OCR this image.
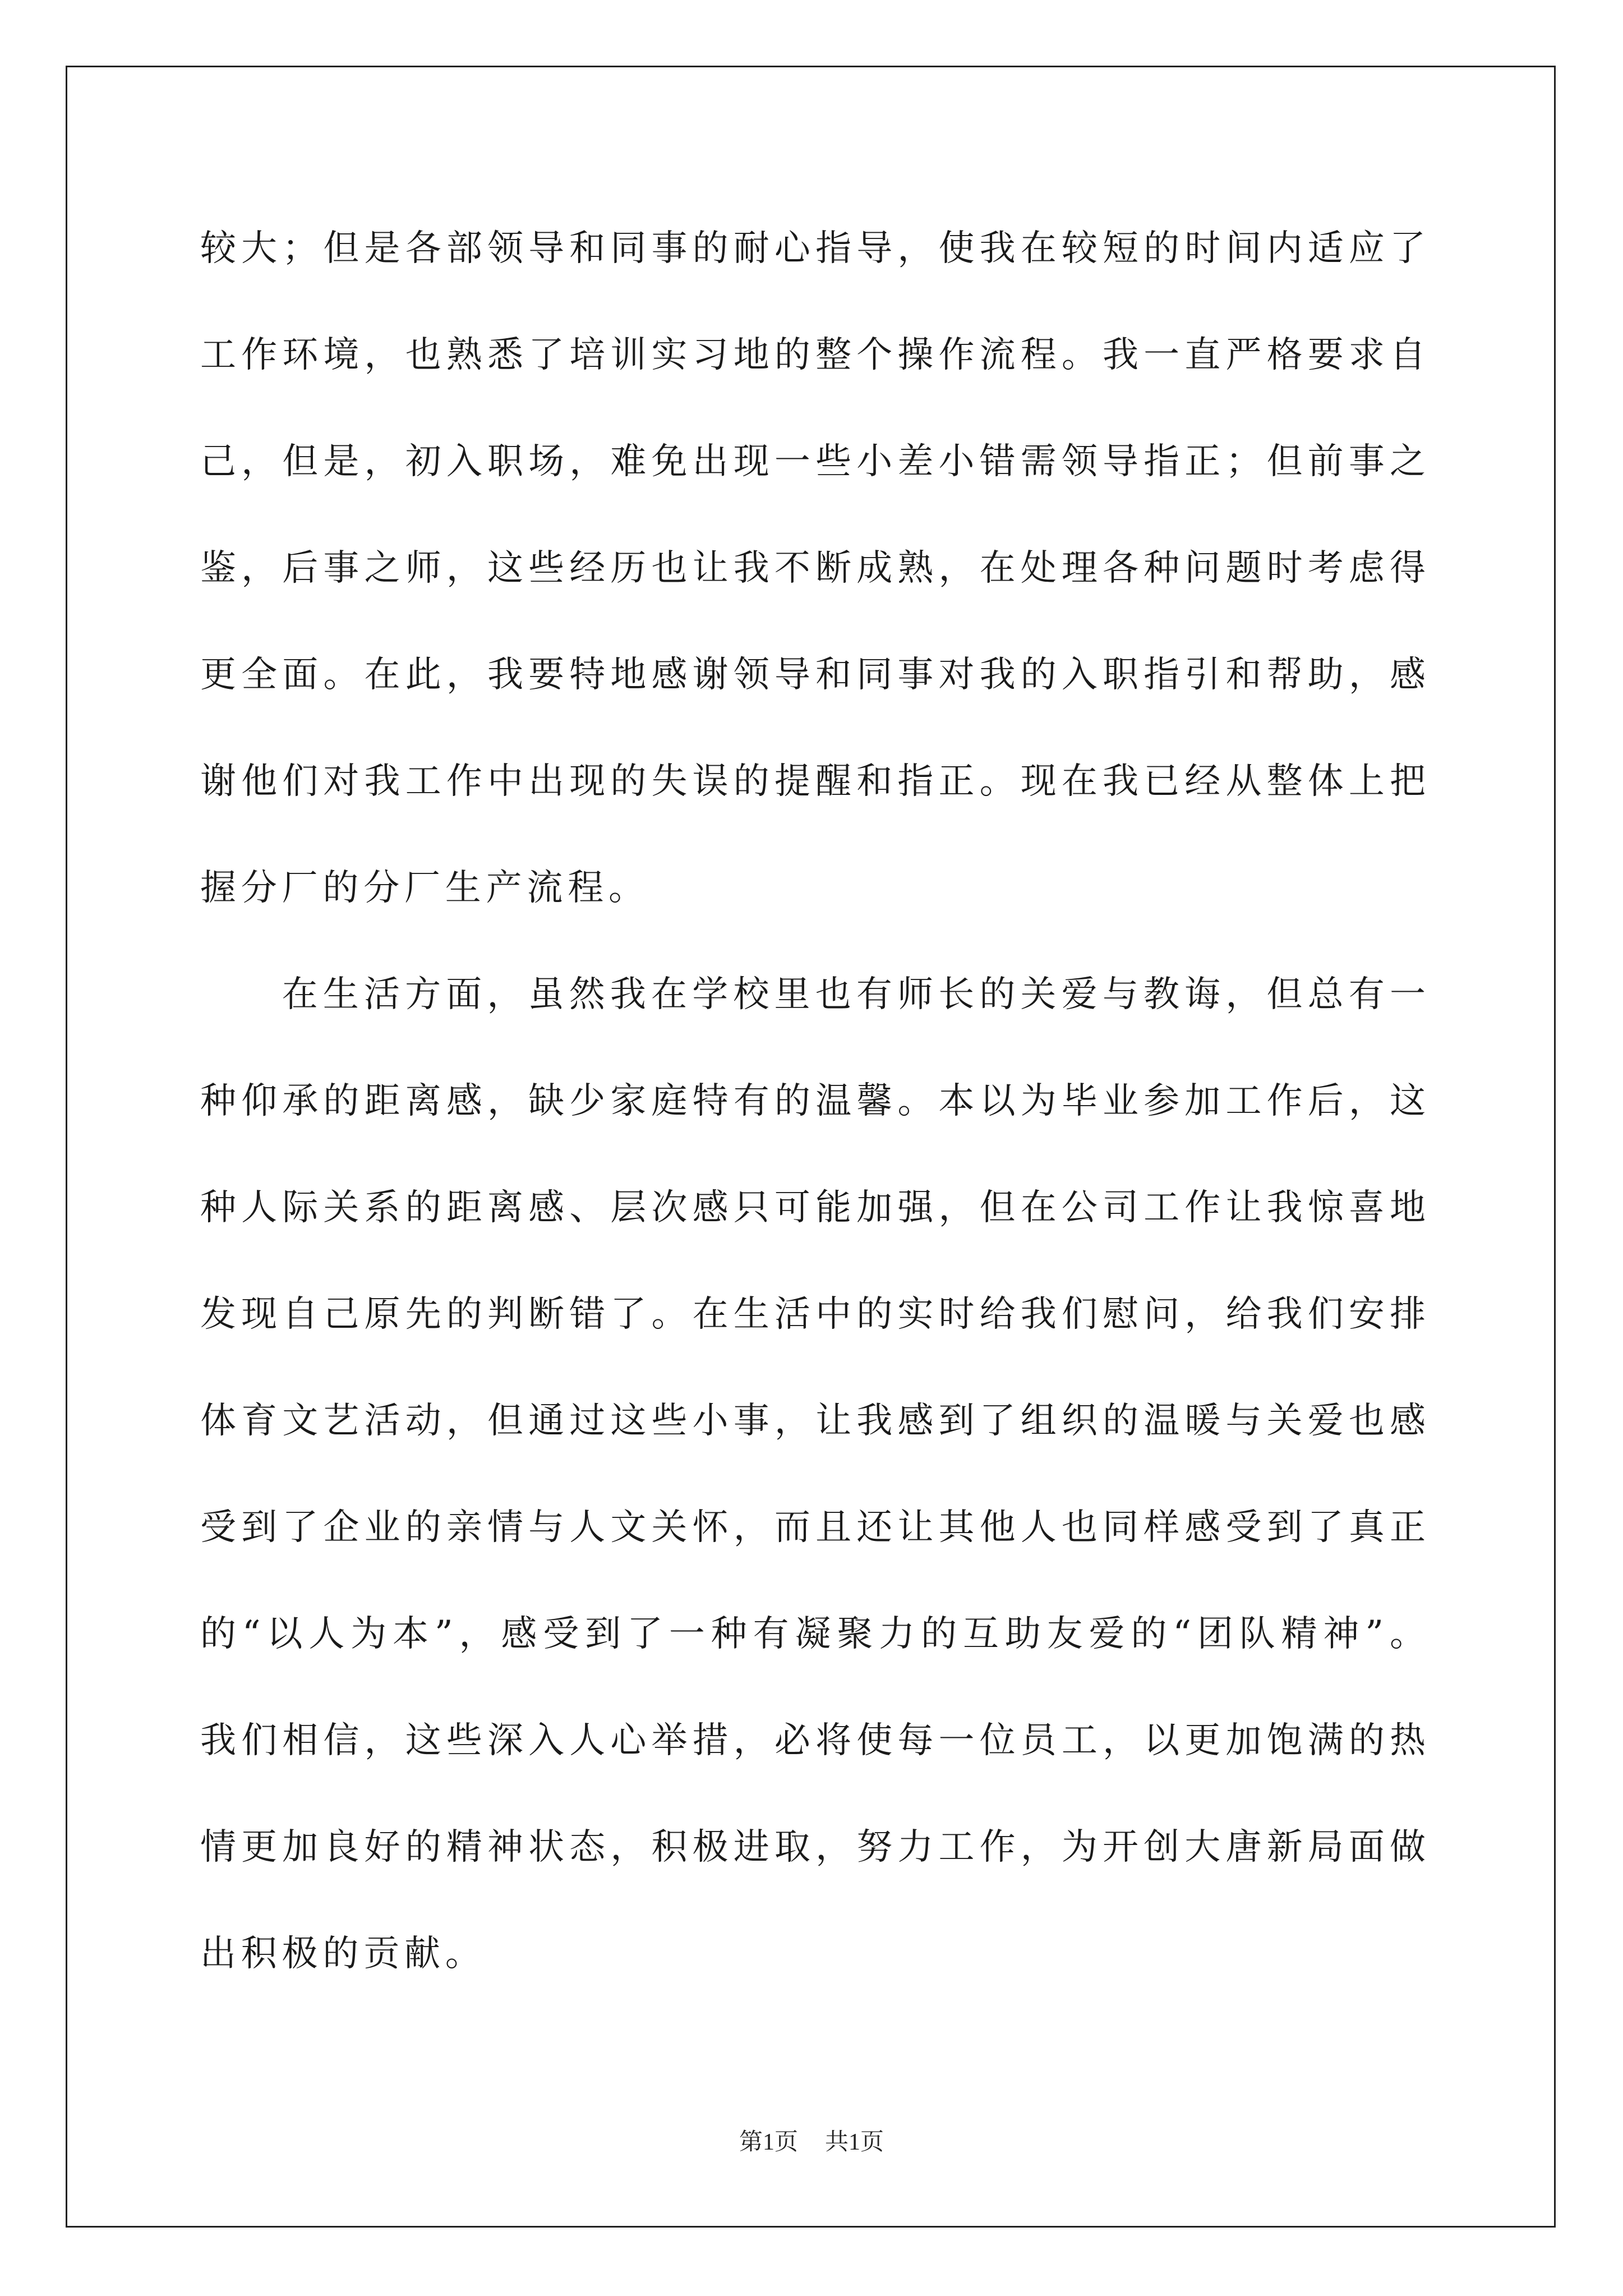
较大；但是各部领导和同事的耐心指导，使我在较短的时间内适应了
工作环境，也熟悉了培训实习地的整个操作流程。我一直严格要求自
己，但是，初入职场，难免出现一些小差小错需领导指正；但前事之
鉴，后事之师，这些经历也让我不断成熟，在处理各种问题时考虑得
更全面。在此，我要特地感谢领导和同事对我的入职指引和帮助，感
谢他们对我工作中出现的失误的提醒和指正。现在我已经从整体上把
握分厂的分厂生产流程。
在生活方面，虽然我在学校里也有师长的关爱与教诲，但总有一
种仰承的距离感，缺少家庭特有的温馨。本以为毕业参加工作后，这
种人际关系的距离感、层次感只可能加强，但在公司工作让我惊喜地
发现自己原先的判断错了。在生活中的实时给我们慰问，给我们安排
体育文艺活动，但通过这些小事，让我感到了组织的温暖与关爱也感
受到了企业的亲情与人文关怀，而且还让其他人也同样感受到了真正
的“以人为本”，感受到了一种有凝聚力的互助友爱的“团队精神”。
我们相信，这些深入人心举措，必将使每一位员工，以更加饱满的热
情更加良好的精神状态，积极进取，努力工作，为开创大唐新局面做
出积极的贡献。
第1页 共1页
